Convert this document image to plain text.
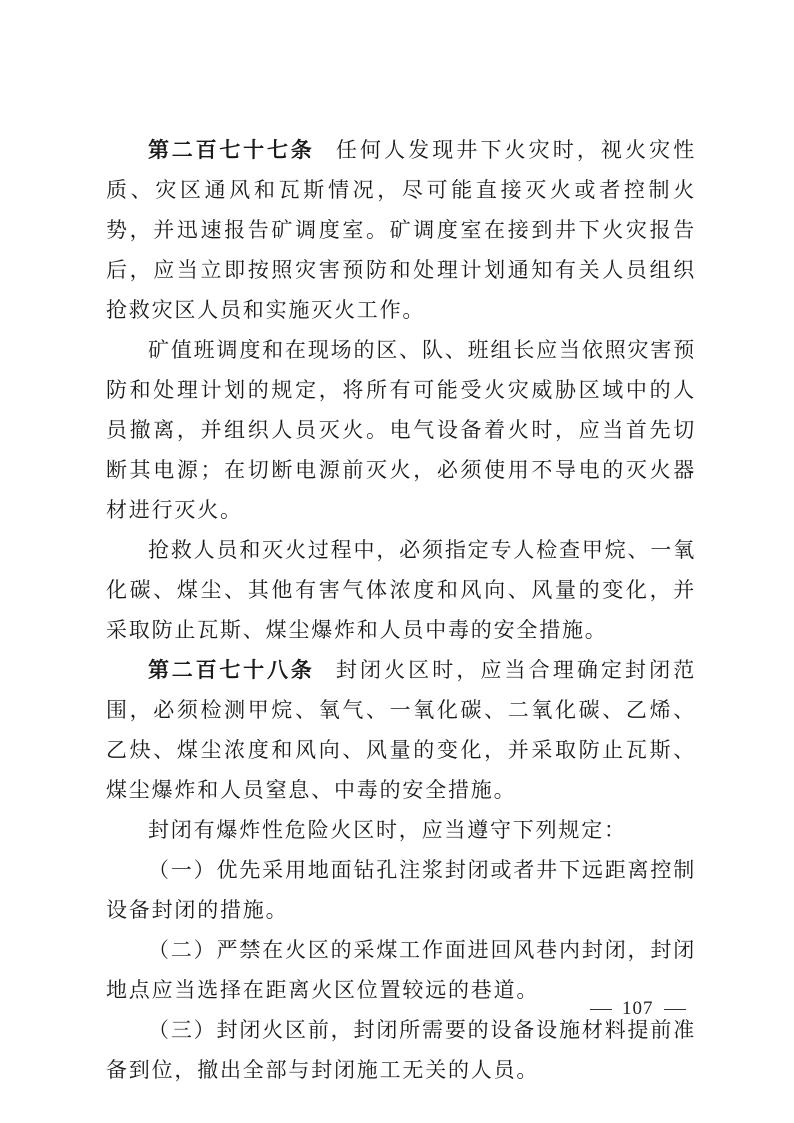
第二百七十七条 任何人发现井下火灾时，视火灾性质、灾区通风和瓦斯情况，尽可能直接灭火或者控制火势，并迅速报告矿调度室。矿调度室在接到井下火灾报告后，应当立即按照灾害预防和处理计划通知有关人员组织抢救灾区人员和实施灭火工作。

矿值班调度和在现场的区、队、班组长应当依照灾害预防和处理计划的规定，将所有可能受火灾威胁区域中的人员撤离，并组织人员灭火。电气设备着火时，应当首先切断其电源；在切断电源前灭火，必须使用不导电的灭火器材进行灭火。

抢救人员和灭火过程中，必须指定专人检查甲烷、一氧化碳、煤尘、其他有害气体浓度和风向、风量的变化，并采取防止瓦斯、煤尘爆炸和人员中毒的安全措施。

第二百七十八条 封闭火区时，应当合理确定封闭范围，必须检测甲烷、氧气、一氧化碳、二氧化碳、乙烯、乙炔、煤尘浓度和风向、风量的变化，并采取防止瓦斯、煤尘爆炸和人员窒息、中毒的安全措施。

封闭有爆炸性危险火区时，应当遵守下列规定：

（一）优先采用地面钻孔注浆封闭或者井下远距离控制设备封闭的措施。

（二）严禁在火区的采煤工作面进回风巷内封闭，封闭地点应当选择在距离火区位置较远的巷道。

（三）封闭火区前，封闭所需要的设备设施材料提前准备到位，撤出全部与封闭施工无关的人员。

107
